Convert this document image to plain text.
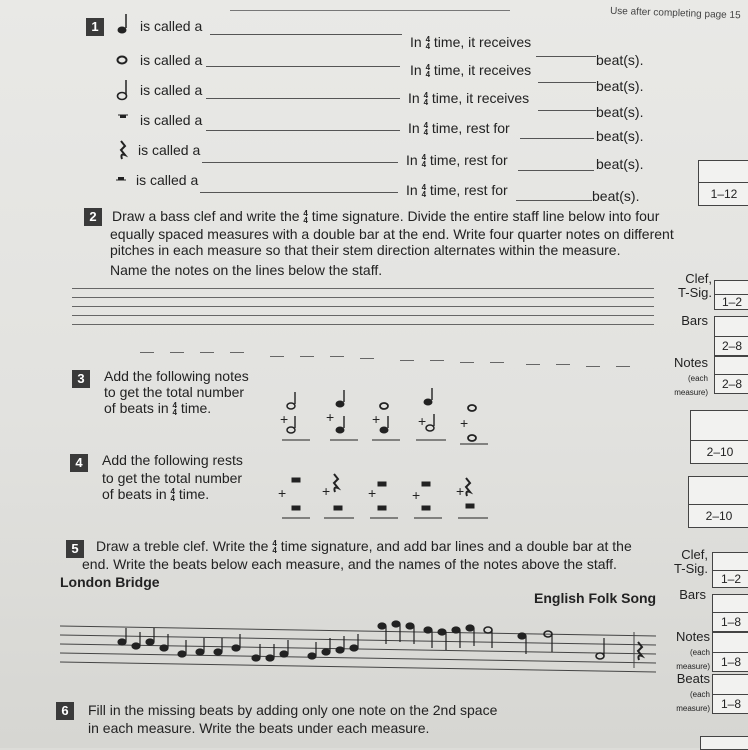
Use after completing page 15
1	is called a
In 4
4 time, it receives
beat(s).
is called a
In 4
4 time, it receives
beat(s).
is called a	In 4
4 time, it receives
beat(s).
is called a	In 4
4 time, rest for	beat(s).
is called a
In 4
4 time, rest for	beat(s).
is called a
In 4
4 time, rest for	beat(s).	1–12
2	Draw a bass clef and write the 4
4 time signature. Divide the entire staff line below into four
equally spaced measures with a double bar at the end. Write four quarter notes on different
pitches in each measure so that their stem direction alternates within the measure.
Name the notes on the lines below the staff.
Clef,
T-Sig.
1–2
Bars
2–8
Notes
(each
measure)
2–8
3	Add the following notes
to get the total number
of beats in 4
4 time.
+	+	+	+ +
2–10
4	Add the following rests
to get the total number
of beats in 4
4 time.	+	+	+	+	+
2–10
5	Draw a treble clef. Write the 4
4 time signature, and add bar lines and a double bar at the
end. Write the beats below each measure, and the names of the notes above the staff.
London Bridge
English Folk Song
Clef,
T-Sig.
1–2
Bars
1–8
Notes
(each
measure) 1–8
Beats
(each
measure) 1–8
6	Fill in the missing beats by adding only one note on the 2nd space
in each measure. Write the beats under each measure.
